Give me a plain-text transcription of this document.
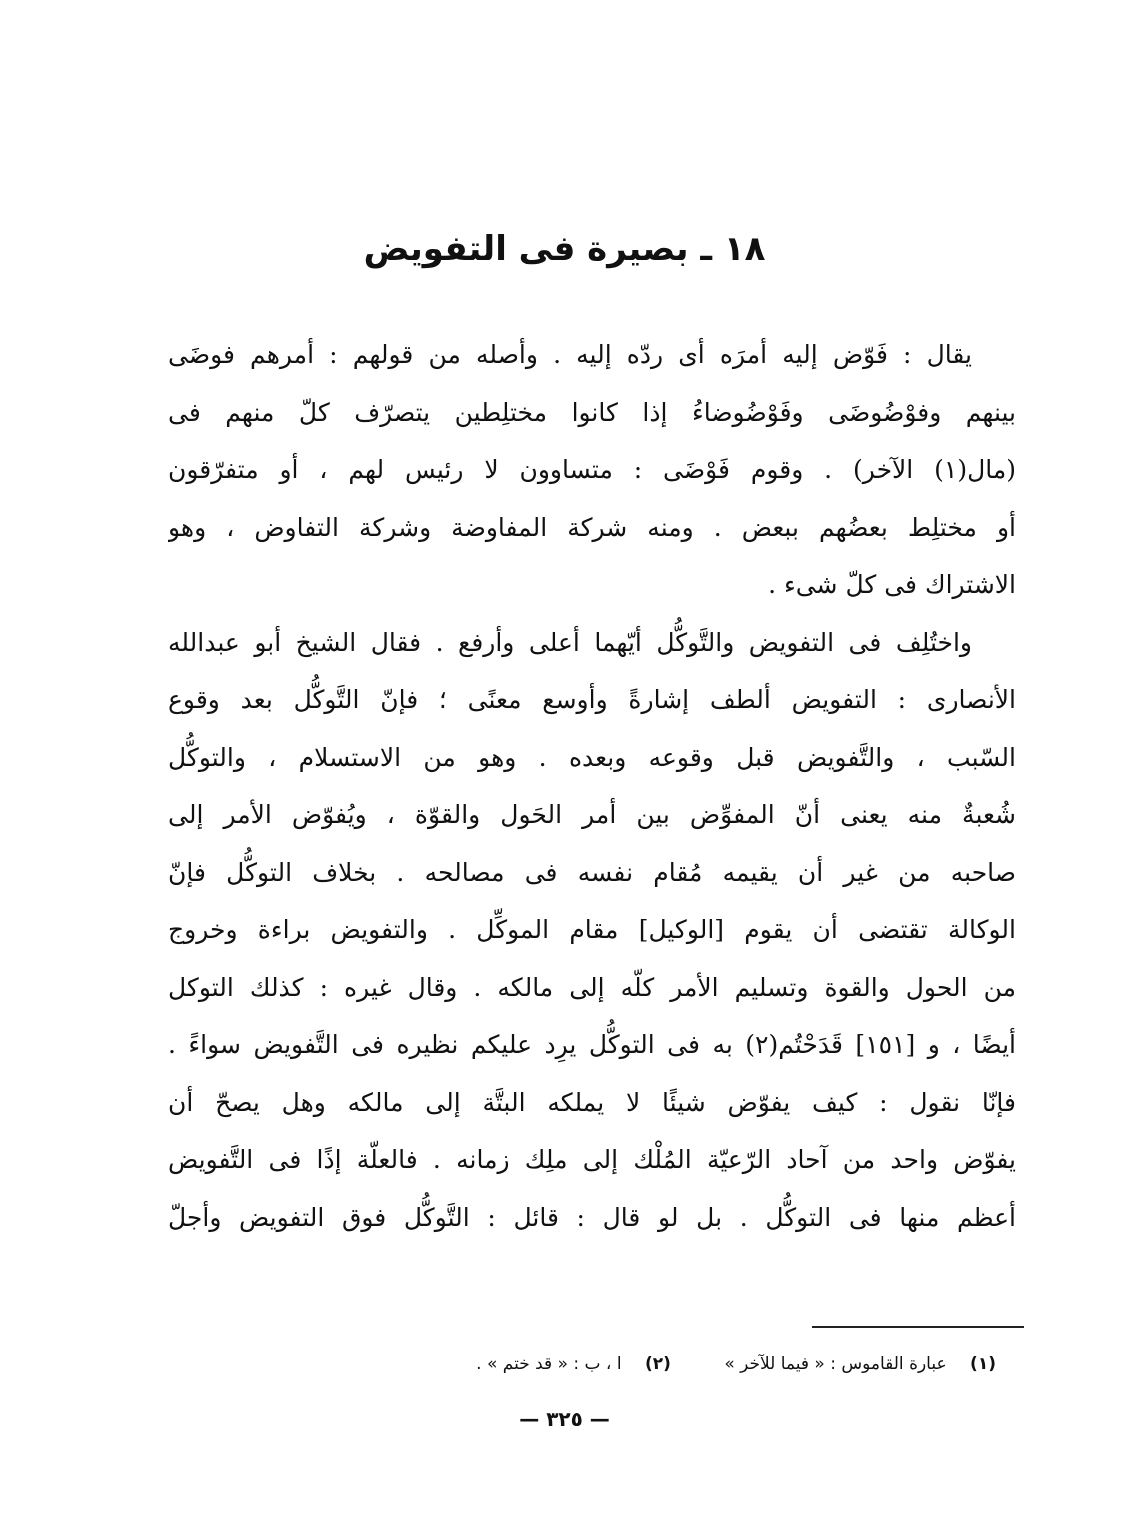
١٨ ـ بصيرة فى التفويض
يقال : فَوّض إليه أمرَه أى ردّه إليه . وأصله من قولهم : أمرهم فوضَى
بينهم وفوْضُوضَى وفَوْضُوضاءُ إذا كانوا مختلِطين يتصرّف كلّ منهم فى
(مال(١) الآخر) . وقوم فَوْضَى : متساوون لا رئيس لهم ، أو متفرّقون
أو مختلِط بعضُهم ببعض . ومنه شركة المفاوضة وشركة التفاوض ، وهو
الاشتراك فى كلّ شىء .
واختُلِف فى التفويض والتَّوكُّل أيّهما أعلى وأرفع . فقال الشيخ أبو عبدالله
الأنصارى : التفويض ألطف إشارةً وأوسع معنًى ؛ فإنّ التَّوكُّل بعد وقوع
السّبب ، والتَّفويض قبل وقوعه وبعده . وهو من الاستسلام ، والتوكُّل
شُعبةٌ منه يعنى أنّ المفوِّض بين أمر الحَول والقوّة ، ويُفوّض الأمر إلى
صاحبه من غير أن يقيمه مُقام نفسه فى مصالحه . بخلاف التوكُّل فإنّ
الوكالة تقتضى أن يقوم [الوكيل] مقام الموكِّل . والتفويض براءة وخروج
من الحول والقوة وتسليم الأمر كلّه إلى مالكه . وقال غيره : كذلك التوكل
أيضًا ، و [١٥١] قَدَحْتُم(٢) به فى التوكُّل يرِد عليكم نظيره فى التَّفويض سواءً .
فإنّا نقول : كيف يفوّض شيئًا لا يملكه البتَّة إلى مالكه وهل يصحّ أن
يفوّض واحد من آحاد الرّعيّة المُلْك إلى ملِك زمانه . فالعلّة إذًا فى التَّفويض
أعظم منها فى التوكُّل . بل لو قال : قائل : التَّوكُّل فوق التفويض وأجلّ
(١) عبارة القاموس : « فيما للآخر » (٢) ا ، ب : « قد ختم » .
— ٣٢٥ —
